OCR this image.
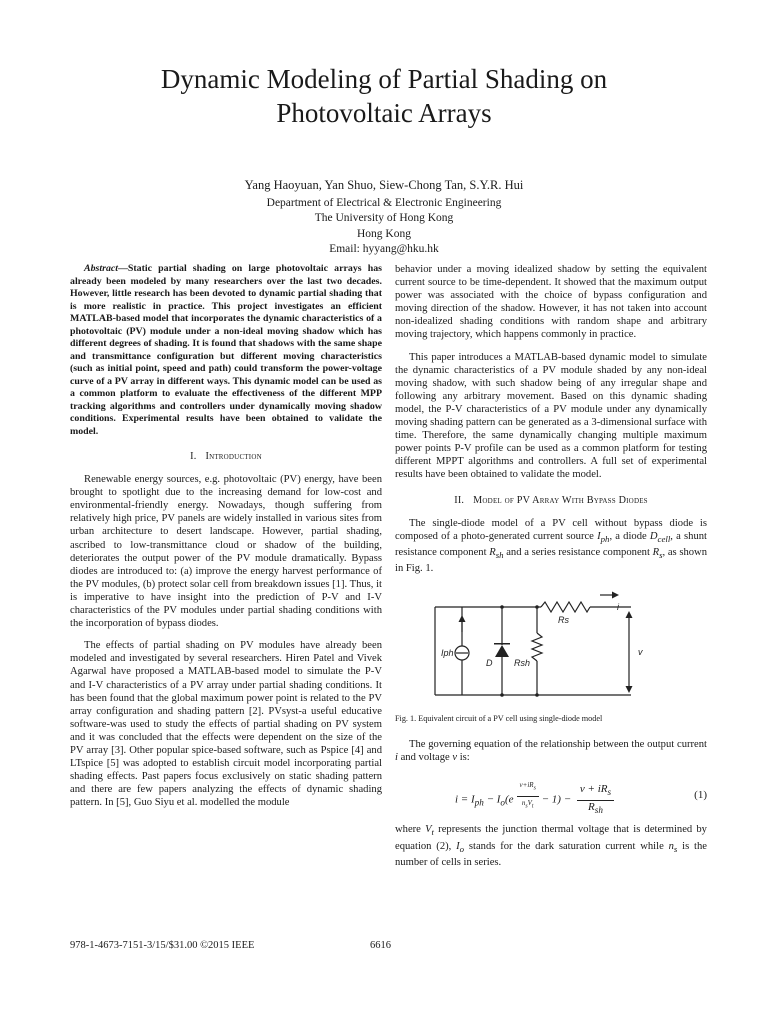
Dynamic Modeling of Partial Shading on
Photovoltaic Arrays
Yang Haoyuan, Yan Shuo, Siew-Chong Tan, S.Y.R. Hui
Department of Electrical & Electronic Engineering
The University of Hong Kong
Hong Kong
Email: hyyang@hku.hk

Abstract—Static partial shading on large photovoltaic arrays has already been modeled by many researchers over the last two decades. However, little research has been devoted to dynamic partial shading that is more realistic in practice. This project investigates an efficient MATLAB-based model that incorporates the dynamic characteristics of a photovoltaic (PV) module under a non-ideal moving shadow which has different degrees of shading. It is found that shadows with the same shape and transmittance configuration but different moving characteristics (such as initial point, speed and path) could transform the power-voltage curve of a PV array in different ways. This dynamic model can be used as a common platform to evaluate the effectiveness of the different MPP tracking algorithms and controllers under dynamically moving shadow conditions. Experimental results have been obtained to validate the model.

I. Introduction

Renewable energy sources, e.g. photovoltaic (PV) energy, have been brought to spotlight due to the increasing demand for low-cost and environmental-friendly energy. Nowadays, though suffering from relatively high price, PV panels are widely installed in various sites from urban architecture to desert landscape. However, partial shading, ascribed to low-transmittance cloud or shadow of the building, deteriorates the output power of the PV module dramatically. Bypass diodes are introduced to: (a) improve the energy harvest performance of the PV modules, (b) protect solar cell from breakdown issues [1]. Thus, it is imperative to have insight into the prediction of P-V and I-V characteristics of the PV modules under partial shading conditions with the incorporation of bypass diodes.

The effects of partial shading on PV modules have already been modeled and investigated by several researchers. Hiren Patel and Vivek Agarwal have proposed a MATLAB-based model to simulate the P-V and I-V characteristics of a PV array under partial shading conditions. It has been found that the global maximum power point is related to the PV array configuration and shading pattern [2]. PVsyst-a useful educative software-was used to study the effects of partial shading on PV system and it was concluded that the effects were dependent on the size of the PV array [3]. Other popular spice-based software, such as Pspice [4] and LTspice [5] was adopted to establish circuit model incorporating partial shading effects. Past papers focus exclusively on static shading pattern and there are few papers analyzing the effects of dynamic shading pattern. In [5], Guo Siyu et al. modelled the module

behavior under a moving idealized shadow by setting the equivalent current source to be time-dependent. It showed that the maximum output power was associated with the choice of bypass configuration and moving direction of the shadow. However, it has not taken into account non-idealized shading conditions with random shape and arbitrary moving trajectory, which happens commonly in practice.

This paper introduces a MATLAB-based dynamic model to simulate the dynamic characteristics of a PV module shaded by any non-ideal moving shadow, with such shadow being of any irregular shape and following any arbitrary movement. Based on this dynamic shading model, the P-V characteristics of a PV module under any dynamically moving shading pattern can be generated as a 3-dimensional surface with time. Therefore, the same dynamically changing multiple maximum power points P-V profile can be used as a common platform for testing different MPPT algorithms and controllers. A full set of experimental results have been obtained to validate the model.

II. Model of PV Array With Bypass Diodes

The single-diode model of a PV cell without bypass diode is composed of a photo-generated current source $I_{ph}$, a diode $D_{cell}$, a shunt resistance component $R_{sh}$ and a series resistance component $R_s$, as shown in Fig. 1.

Iph
D Rsh
Rs
i
v

Fig. 1. Equivalent circuit of a PV cell using single-diode model

The governing equation of the relationship between the output current i and voltage v is:

$i = I_{ph} - I_o(e$ $^{\frac{v+iR_s}{n_sV_t}} - 1) - \frac{v + iR_s}{R_{sh}}$	(1)

where $V_t$ represents the junction thermal voltage that is determined by equation (2), $I_o$ stands for the dark saturation current while $n_s$ is the number of cells in series.

978-1-4673-7151-3/15/$31.00 ©2015 IEEE	6616
